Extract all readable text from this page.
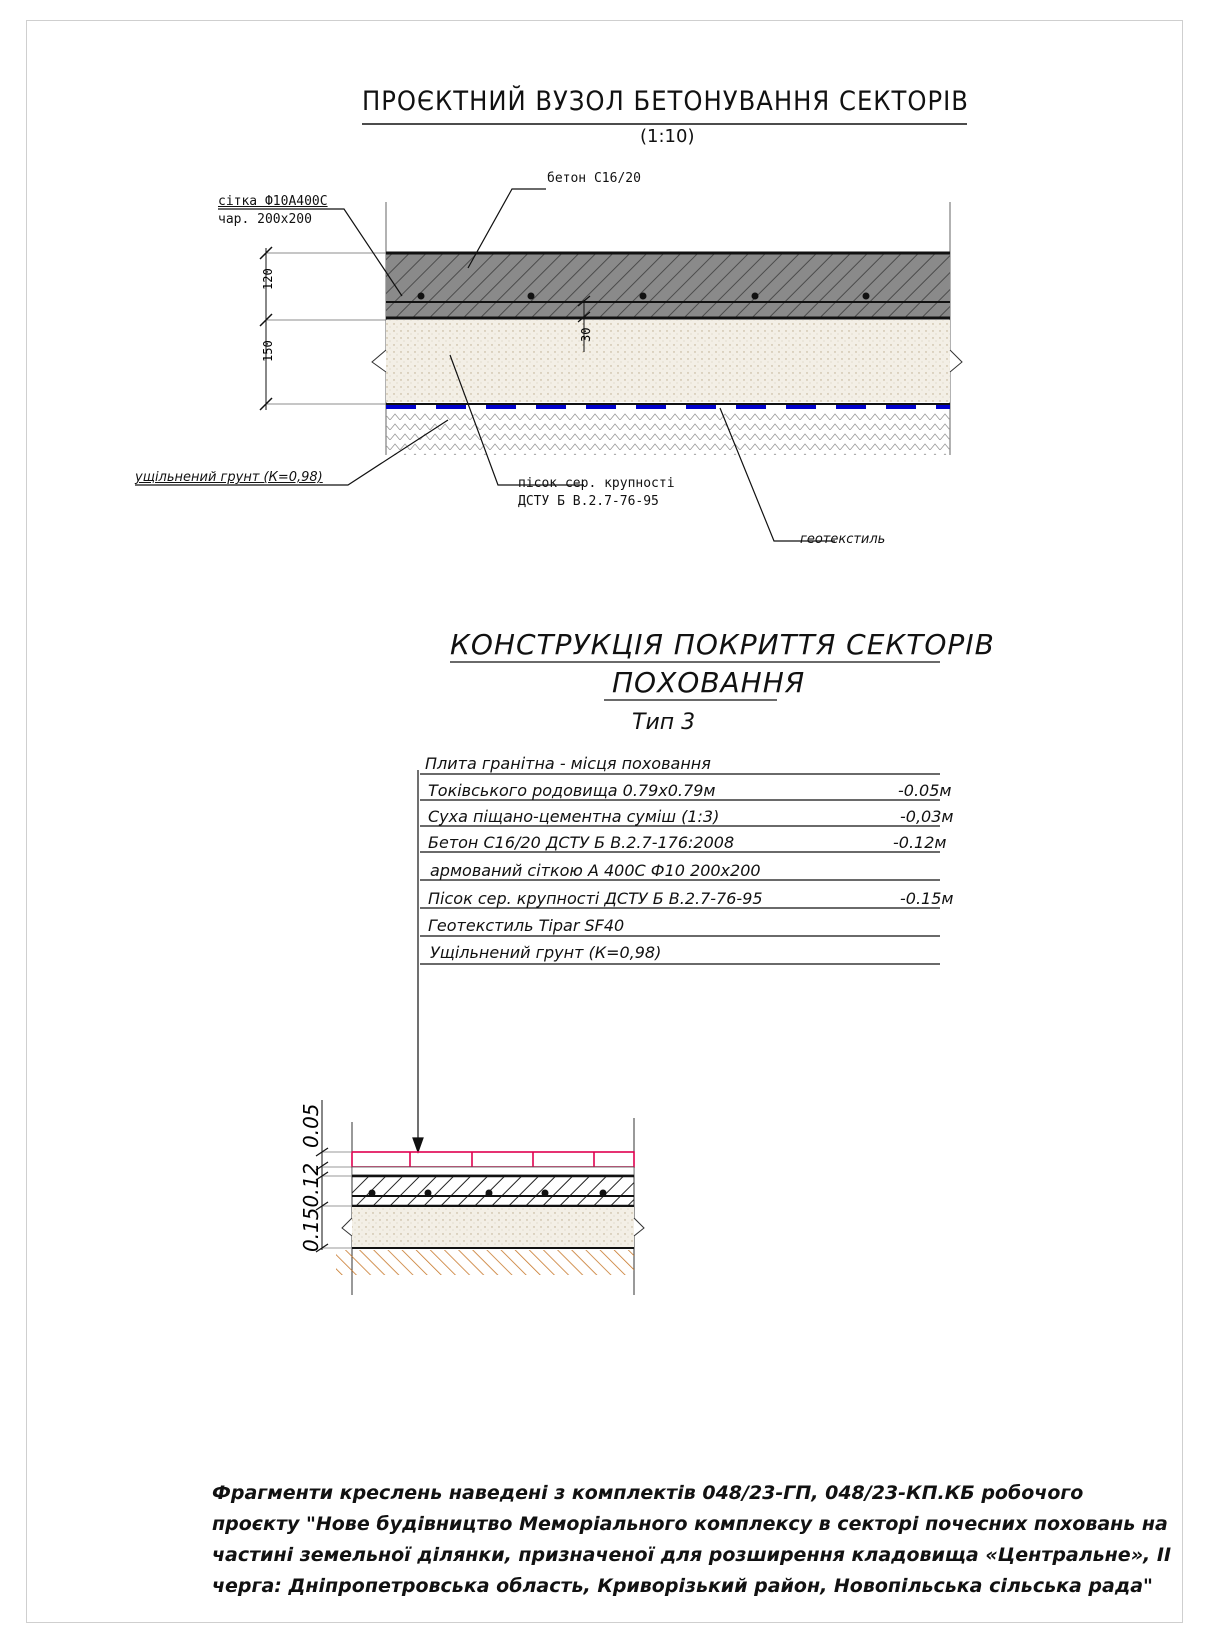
120
150
30
0.05
0.150.12
ПРОЄКТНИЙ ВУЗОЛ БЕТОНУВАННЯ СЕКТОРІВ
(1:10)
бетон С16/20
сітка Ф10А400С
чар. 200х200
ущільнений грунт (К=0,98)	пісок сер. крупності
ДСТУ Б В.2.7-76-95
геотекстиль
КОНСТРУКЦІЯ ПОКРИТТЯ СЕКТОРІВ
ПОХОВАННЯ
Тип 3
Плита гранітна - місця поховання
Токівського родовища 0.79х0.79м	-0.05м
Суха піщано-цементна суміш (1:3)	-0,03м
Бетон С16/20 ДСТУ Б В.2.7-176:2008	-0.12м
армований сіткою А 400С Ф10 200х200
Пісок сер. крупності ДСТУ Б В.2.7-76-95	-0.15м
Геотекстиль Tipar SF40
Ущільнений грунт (К=0,98)
Фрагменти креслень наведені з комплектів 048/23-ГП, 048/23-КП.КБ робочого
проєкту "Нове будівництво Меморіального комплексу в секторі почесних поховань на
частині земельної ділянки, призначеної для розширення кладовища «Центральне», ІІ
черга: Дніпропетровська область, Криворізький район, Новопільська сільська рада"
